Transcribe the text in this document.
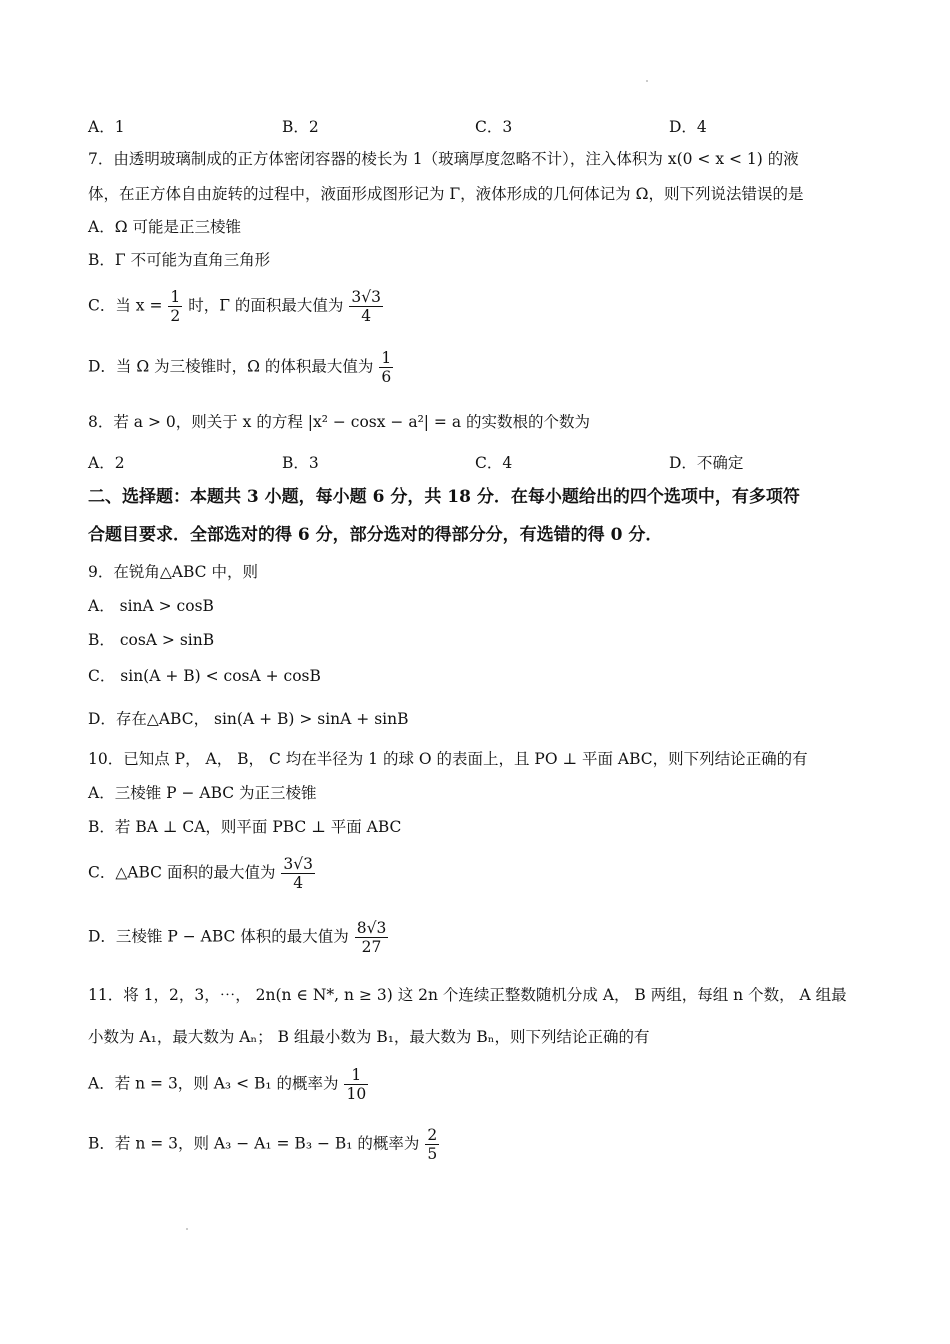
A．1	B．2	C．3	D．4
7．由透明玻璃制成的正方体密闭容器的棱长为 1（玻璃厚度忽略不计），注入体积为 x(0 < x < 1) 的液
体，在正方体自由旋转的过程中，液面形成图形记为 Γ，液体形成的几何体记为 Ω，则下列说法错误的是
A．Ω 可能是正三棱锥
B．Γ 不可能为直角三角形
C．当 $x = \frac{1}{2}$ 时，Γ 的面积最大值为 $\frac{3√3}{4}$
D．当 Ω 为三棱锥时，Ω 的体积最大值为 $\frac{1}{6}$
8．若 a > 0，则关于 x 的方程 |x² − cosx − a²| = a 的实数根的个数为
A．2	B．3	C．4	D．不确定
二、选择题：本题共 3 小题，每小题 6 分，共 18 分．在每小题给出的四个选项中，有多项符
合题目要求．全部选对的得 6 分，部分选对的得部分分，有选错的得 0 分．
9．在锐角△ABC 中，则
A． sinA > cosB
B． cosA > sinB
C． sin(A + B) < cosA + cosB
D．存在△ABC， sin(A + B) > sinA + sinB
10．已知点 P， A， B， C 均在半径为 1 的球 O 的表面上，且 PO ⊥ 平面 ABC，则下列结论正确的有
A．三棱锥 P − ABC 为正三棱锥
B．若 BA ⊥ CA，则平面 PBC ⊥ 平面 ABC
C．△ABC 面积的最大值为 $\frac{3√3}{4}$
D．三棱锥 P − ABC 体积的最大值为 $\frac{8√3}{27}$
11．将 1，2，3，⋯， 2n(n ∈ N*, n ≥ 3) 这 2n 个连续正整数随机分成 A， B 两组，每组 n 个数， A 组最
小数为 A₁，最大数为 Aₙ； B 组最小数为 B₁，最大数为 Bₙ，则下列结论正确的有
A．若 n = 3，则 A₃ < B₁ 的概率为 $\frac{1}{10}$
B．若 n = 3，则 A₃ − A₁ = B₃ − B₁ 的概率为 $\frac{2}{5}$
